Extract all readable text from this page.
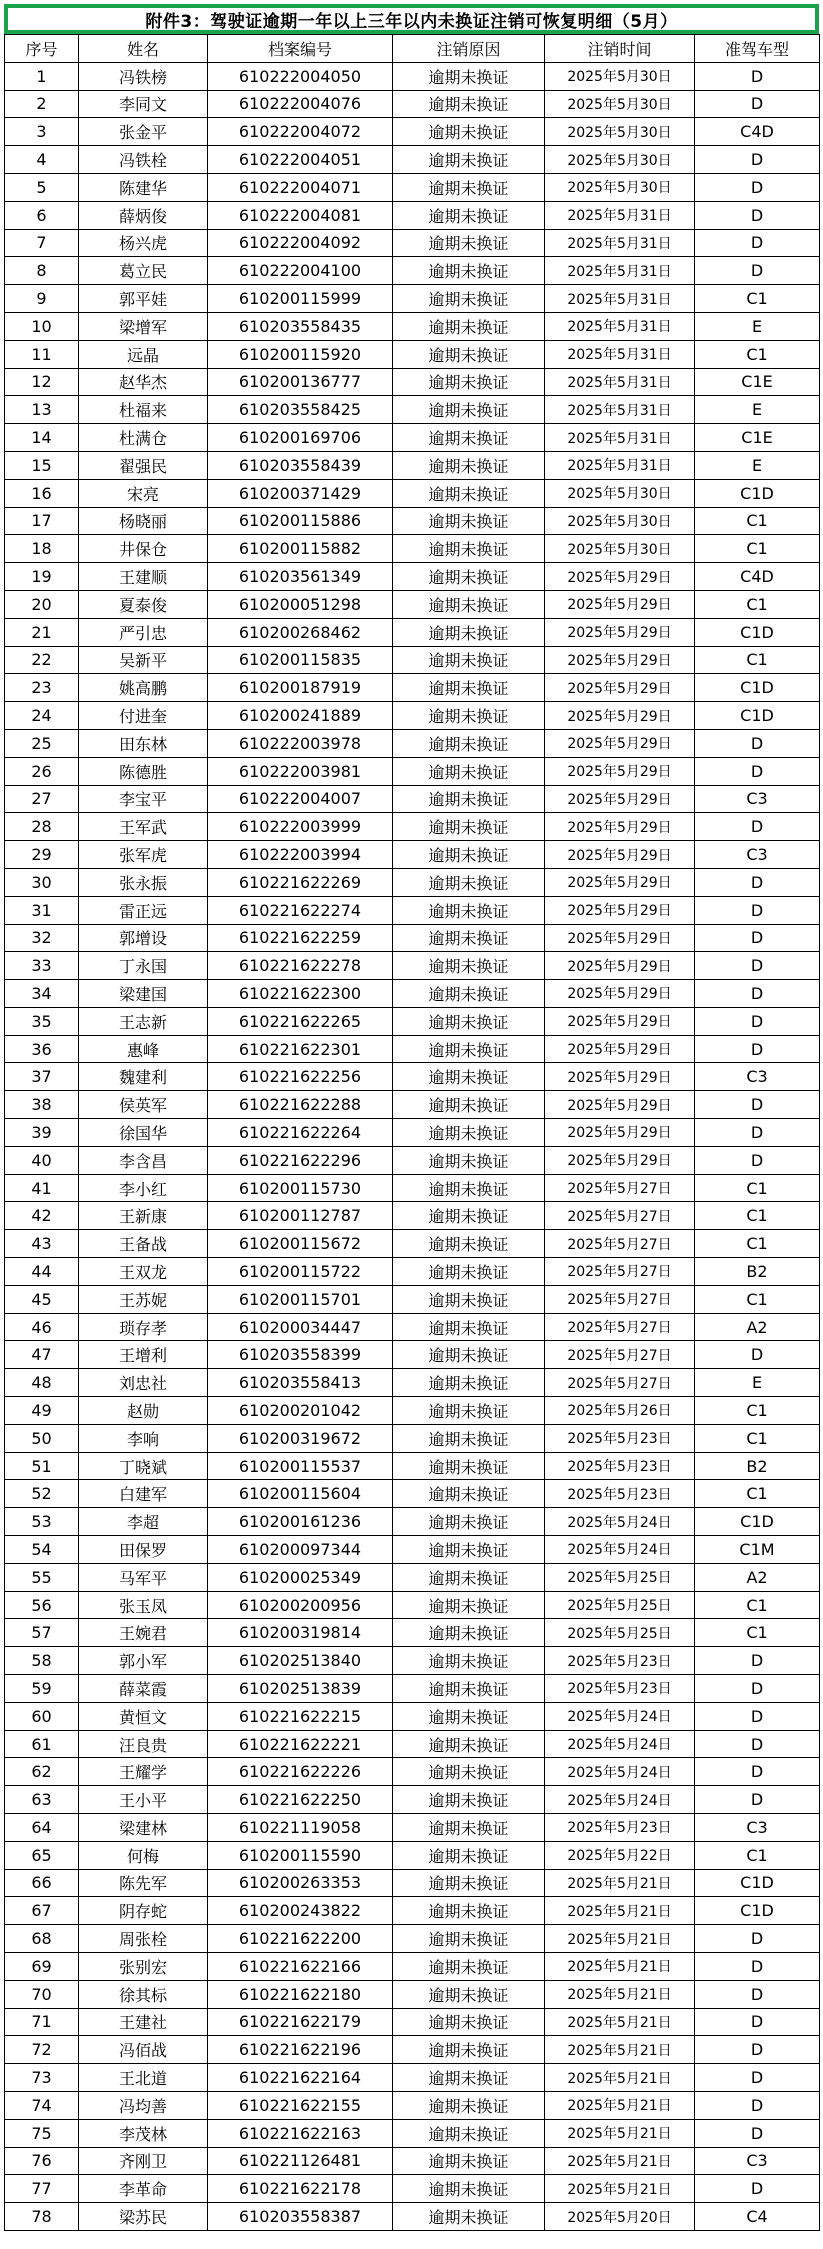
附件3：驾驶证逾期一年以上三年以内未换证注销可恢复明细（5月）
序号	姓名	档案编号	注销原因	注销时间	准驾车型
1	冯铁榜	610222004050	逾期未换证	2025年5月30日	D
2	李同文	610222004076	逾期未换证	2025年5月30日	D
3	张金平	610222004072	逾期未换证	2025年5月30日	C4D
4	冯铁栓	610222004051	逾期未换证	2025年5月30日	D
5	陈建华	610222004071	逾期未换证	2025年5月30日	D
6	薛炳俊	610222004081	逾期未换证	2025年5月31日	D
7	杨兴虎	610222004092	逾期未换证	2025年5月31日	D
8	葛立民	610222004100	逾期未换证	2025年5月31日	D
9	郭平娃	610200115999	逾期未换证	2025年5月31日	C1
10	梁增军	610203558435	逾期未换证	2025年5月31日	E
11	远晶	610200115920	逾期未换证	2025年5月31日	C1
12	赵华杰	610200136777	逾期未换证	2025年5月31日	C1E
13	杜福来	610203558425	逾期未换证	2025年5月31日	E
14	杜满仓	610200169706	逾期未换证	2025年5月31日	C1E
15	翟强民	610203558439	逾期未换证	2025年5月31日	E
16	宋亮	610200371429	逾期未换证	2025年5月30日	C1D
17	杨晓丽	610200115886	逾期未换证	2025年5月30日	C1
18	井保仓	610200115882	逾期未换证	2025年5月30日	C1
19	王建顺	610203561349	逾期未换证	2025年5月29日	C4D
20	夏泰俊	610200051298	逾期未换证	2025年5月29日	C1
21	严引忠	610200268462	逾期未换证	2025年5月29日	C1D
22	吴新平	610200115835	逾期未换证	2025年5月29日	C1
23	姚高鹏	610200187919	逾期未换证	2025年5月29日	C1D
24	付进奎	610200241889	逾期未换证	2025年5月29日	C1D
25	田东林	610222003978	逾期未换证	2025年5月29日	D
26	陈德胜	610222003981	逾期未换证	2025年5月29日	D
27	李宝平	610222004007	逾期未换证	2025年5月29日	C3
28	王军武	610222003999	逾期未换证	2025年5月29日	D
29	张军虎	610222003994	逾期未换证	2025年5月29日	C3
30	张永振	610221622269	逾期未换证	2025年5月29日	D
31	雷正远	610221622274	逾期未换证	2025年5月29日	D
32	郭增设	610221622259	逾期未换证	2025年5月29日	D
33	丁永国	610221622278	逾期未换证	2025年5月29日	D
34	梁建国	610221622300	逾期未换证	2025年5月29日	D
35	王志新	610221622265	逾期未换证	2025年5月29日	D
36	惠峰	610221622301	逾期未换证	2025年5月29日	D
37	魏建利	610221622256	逾期未换证	2025年5月29日	C3
38	侯英军	610221622288	逾期未换证	2025年5月29日	D
39	徐国华	610221622264	逾期未换证	2025年5月29日	D
40	李含昌	610221622296	逾期未换证	2025年5月29日	D
41	李小红	610200115730	逾期未换证	2025年5月27日	C1
42	王新康	610200112787	逾期未换证	2025年5月27日	C1
43	王备战	610200115672	逾期未换证	2025年5月27日	C1
44	王双龙	610200115722	逾期未换证	2025年5月27日	B2
45	王苏妮	610200115701	逾期未换证	2025年5月27日	C1
46	琐存孝	610200034447	逾期未换证	2025年5月27日	A2
47	王增利	610203558399	逾期未换证	2025年5月27日	D
48	刘忠社	610203558413	逾期未换证	2025年5月27日	E
49	赵勋	610200201042	逾期未换证	2025年5月26日	C1
50	李响	610200319672	逾期未换证	2025年5月23日	C1
51	丁晓斌	610200115537	逾期未换证	2025年5月23日	B2
52	白建军	610200115604	逾期未换证	2025年5月23日	C1
53	李超	610200161236	逾期未换证	2025年5月24日	C1D
54	田保罗	610200097344	逾期未换证	2025年5月24日	C1M
55	马军平	610200025349	逾期未换证	2025年5月25日	A2
56	张玉凤	610200200956	逾期未换证	2025年5月25日	C1
57	王婉君	610200319814	逾期未换证	2025年5月25日	C1
58	郭小军	610202513840	逾期未换证	2025年5月23日	D
59	薛菜霞	610202513839	逾期未换证	2025年5月23日	D
60	黄恒文	610221622215	逾期未换证	2025年5月24日	D
61	汪良贵	610221622221	逾期未换证	2025年5月24日	D
62	王耀学	610221622226	逾期未换证	2025年5月24日	D
63	王小平	610221622250	逾期未换证	2025年5月24日	D
64	梁建林	610221119058	逾期未换证	2025年5月23日	C3
65	何梅	610200115590	逾期未换证	2025年5月22日	C1
66	陈先军	610200263353	逾期未换证	2025年5月21日	C1D
67	阴存蛇	610200243822	逾期未换证	2025年5月21日	C1D
68	周张栓	610221622200	逾期未换证	2025年5月21日	D
69	张别宏	610221622166	逾期未换证	2025年5月21日	D
70	徐其标	610221622180	逾期未换证	2025年5月21日	D
71	王建社	610221622179	逾期未换证	2025年5月21日	D
72	冯佰战	610221622196	逾期未换证	2025年5月21日	D
73	王北道	610221622164	逾期未换证	2025年5月21日	D
74	冯均善	610221622155	逾期未换证	2025年5月21日	D
75	李茂林	610221622163	逾期未换证	2025年5月21日	D
76	齐刚卫	610221126481	逾期未换证	2025年5月21日	C3
77	李革命	610221622178	逾期未换证	2025年5月21日	D
78	梁苏民	610203558387	逾期未换证	2025年5月20日	C4
